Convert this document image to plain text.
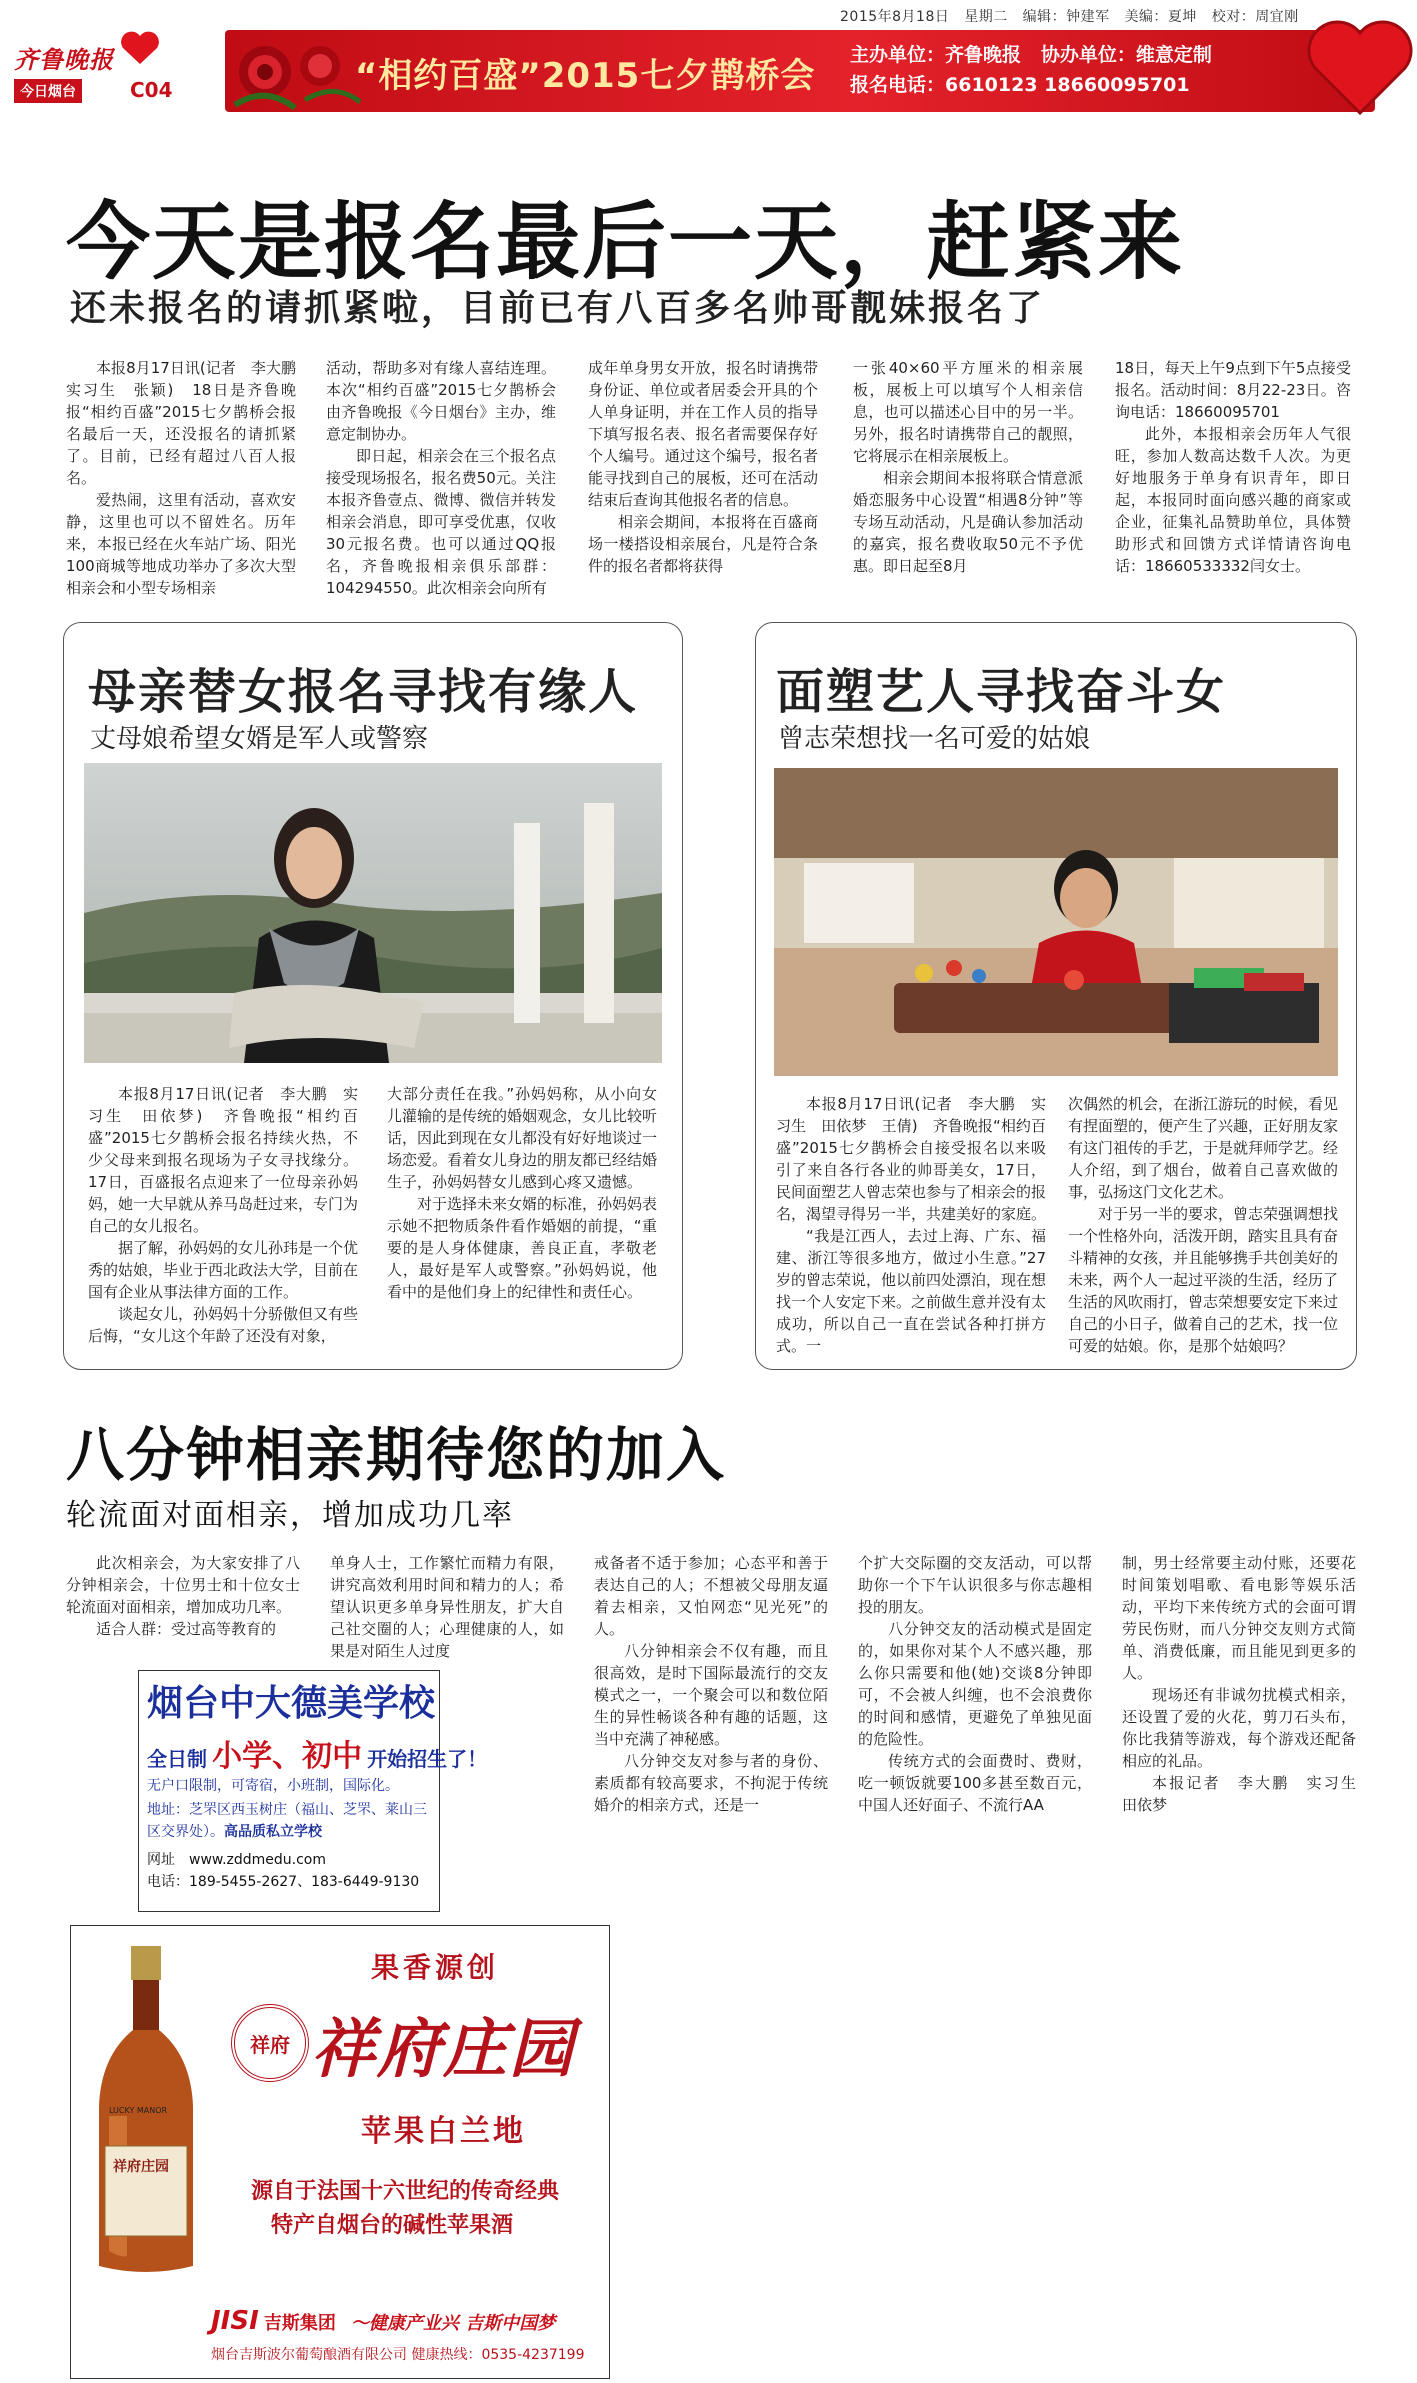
2015年8月18日 星期二 编辑：钟建军 美编：夏坤 校对：周宜刚
齐鲁晚报
今日烟台	C04	“相约百盛”2015七夕鹊桥会
主办单位：齐鲁晚报 协办单位：维意定制
报名电话：6610123 18660095701
今天是报名最后一天，赶紧来
还未报名的请抓紧啦，目前已有八百多名帅哥靓妹报名了

本报8月17日讯(记者　李大鹏　实习生　张颖)　18日是齐鲁晚报“相约百盛”2015七夕鹊桥会报名最后一天，还没报名的请抓紧了。目前，已经有超过八百人报名。

爱热闹，这里有活动，喜欢安静，这里也可以不留姓名。历年来，本报已经在火车站广场、阳光100商城等地成功举办了多次大型相亲会和小型专场相亲

活动，帮助多对有缘人喜结连理。本次“相约百盛”2015七夕鹊桥会由齐鲁晚报《今日烟台》主办，维意定制协办。

即日起，相亲会在三个报名点接受现场报名，报名费50元。关注本报齐鲁壹点、微博、微信并转发相亲会消息，即可享受优惠，仅收30元报名费。也可以通过QQ报名，齐鲁晚报相亲俱乐部群：104294550。此次相亲会向所有

成年单身男女开放，报名时请携带身份证、单位或者居委会开具的个人单身证明，并在工作人员的指导下填写报名表、报名者需要保存好个人编号。通过这个编号，报名者能寻找到自己的展板，还可在活动结束后查询其他报名者的信息。

相亲会期间，本报将在百盛商场一楼搭设相亲展台，凡是符合条件的报名者都将获得

一张40×60平方厘米的相亲展板，展板上可以填写个人相亲信息，也可以描述心目中的另一半。另外，报名时请携带自己的靓照，它将展示在相亲展板上。

相亲会期间本报将联合情意派婚恋服务中心设置“相遇8分钟”等专场互动活动，凡是确认参加活动的嘉宾，报名费收取50元不予优惠。即日起至8月

18日，每天上午9点到下午5点接受报名。活动时间：8月22-23日。咨询电话：18660095701

此外，本报相亲会历年人气很旺，参加人数高达数千人次。为更好地服务于单身有识青年，即日起，本报同时面向感兴趣的商家或企业，征集礼品赞助单位，具体赞助形式和回馈方式详情请咨询电话：18660533332闫女士。

母亲替女报名寻找有缘人
丈母娘希望女婿是军人或警察

本报8月17日讯(记者　李大鹏　实习生　田依梦)　齐鲁晚报“相约百盛”2015七夕鹊桥会报名持续火热，不少父母来到报名现场为子女寻找缘分。17日，百盛报名点迎来了一位母亲孙妈妈，她一大早就从养马岛赶过来，专门为自己的女儿报名。

据了解，孙妈妈的女儿孙玮是一个优秀的姑娘，毕业于西北政法大学，目前在国有企业从事法律方面的工作。

谈起女儿，孙妈妈十分骄傲但又有些后悔，“女儿这个年龄了还没有对象，

大部分责任在我。”孙妈妈称，从小向女儿灌输的是传统的婚姻观念，女儿比较听话，因此到现在女儿都没有好好地谈过一场恋爱。看着女儿身边的朋友都已经结婚生子，孙妈妈替女儿感到心疼又遗憾。

对于选择未来女婿的标准，孙妈妈表示她不把物质条件看作婚姻的前提，“重要的是人身体健康，善良正直，孝敬老人，最好是军人或警察。”孙妈妈说，他看中的是他们身上的纪律性和责任心。

面塑艺人寻找奋斗女
曾志荣想找一名可爱的姑娘

本报8月17日讯(记者　李大鹏　实习生　田依梦　王倩)　齐鲁晚报“相约百盛”2015七夕鹊桥会自接受报名以来吸引了来自各行各业的帅哥美女，17日，民间面塑艺人曾志荣也参与了相亲会的报名，渴望寻得另一半，共建美好的家庭。

“我是江西人，去过上海、广东、福建、浙江等很多地方，做过小生意。”27岁的曾志荣说，他以前四处漂泊，现在想找一个人安定下来。之前做生意并没有太成功，所以自己一直在尝试各种打拼方式。一

次偶然的机会，在浙江游玩的时候，看见有捏面塑的，便产生了兴趣，正好朋友家有这门祖传的手艺，于是就拜师学艺。经人介绍，到了烟台，做着自己喜欢做的事，弘扬这门文化艺术。

对于另一半的要求，曾志荣强调想找一个性格外向，活泼开朗，踏实且具有奋斗精神的女孩，并且能够携手共创美好的未来，两个人一起过平淡的生活，经历了生活的风吹雨打，曾志荣想要安定下来过自己的小日子，做着自己的艺术，找一位可爱的姑娘。你，是那个姑娘吗？

八分钟相亲期待您的加入
轮流面对面相亲，增加成功几率

此次相亲会，为大家安排了八分钟相亲会，十位男士和十位女士轮流面对面相亲，增加成功几率。

适合人群：受过高等教育的

单身人士，工作繁忙而精力有限，讲究高效利用时间和精力的人；希望认识更多单身异性朋友，扩大自己社交圈的人；心理健康的人，如果是对陌生人过度

戒备者不适于参加；心态平和善于表达自己的人；不想被父母朋友逼着去相亲，又怕网恋“见光死”的人。

八分钟相亲会不仅有趣，而且很高效，是时下国际最流行的交友模式之一，一个聚会可以和数位陌生的异性畅谈各种有趣的话题，这当中充满了神秘感。

八分钟交友对参与者的身份、素质都有较高要求，不拘泥于传统婚介的相亲方式，还是一

个扩大交际圈的交友活动，可以帮助你一个下午认识很多与你志趣相投的朋友。

八分钟交友的活动模式是固定的，如果你对某个人不感兴趣，那么你只需要和他(她)交谈8分钟即可，不会被人纠缠，也不会浪费你的时间和感情，更避免了单独见面的危险性。

传统方式的会面费时、费财，吃一顿饭就要100多甚至数百元，中国人还好面子、不流行AA

制，男士经常要主动付账，还要花时间策划唱歌、看电影等娱乐活动，平均下来传统方式的会面可谓劳民伤财，而八分钟交友则方式简单、消费低廉，而且能见到更多的人。

现场还有非诚勿扰模式相亲，还设置了爱的火花，剪刀石头布，你比我猜等游戏，每个游戏还配备相应的礼品。

本报记者　李大鹏　实习生　田依梦

烟台中大德美学校
全日制 小学、初中 开始招生了！
无户口限制，可寄宿，小班制，国际化。
地址：芝罘区西玉树庄（福山、芝罘、莱山三区交界处）。高品质私立学校
网址　www.zddmedu.com
电话：189-5455-2627、183-6449-9130
LUCKY MANOR
祥府庄园
果香源创
祥府 祥府庄园
苹果白兰地
源自于法国十六世纪的传奇经典
特产自烟台的碱性苹果酒
JISI 吉斯集团 ～健康产业兴 吉斯中国梦
烟台吉斯波尔葡萄酿酒有限公司 健康热线：0535-4237199
